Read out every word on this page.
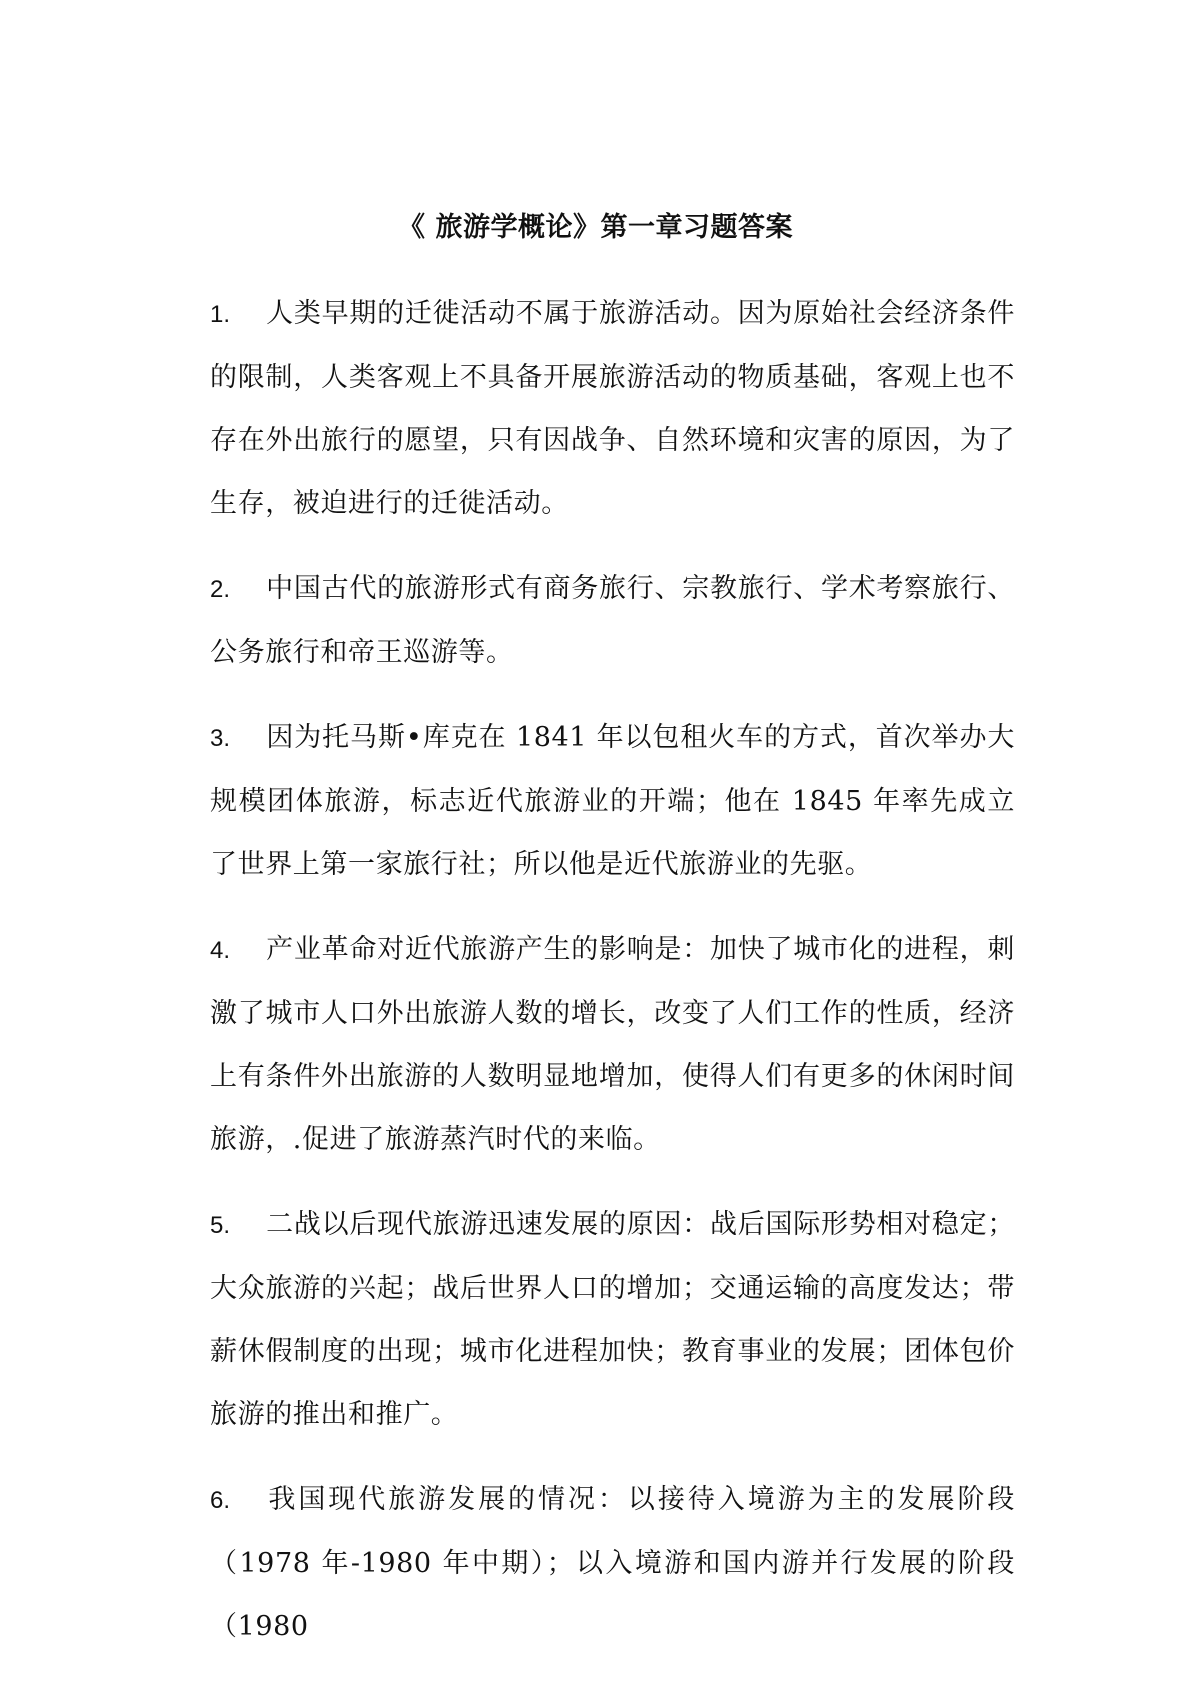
《 旅游学概论》第一章习题答案

1. 人类早期的迁徙活动不属于旅游活动。因为原始社会经济条件的限制，人类客观上不具备开展旅游活动的物质基础，客观上也不存在外出旅行的愿望，只有因战争、自然环境和灾害的原因，为了生存，被迫进行的迁徙活动。

2. 中国古代的旅游形式有商务旅行、宗教旅行、学术考察旅行、公务旅行和帝王巡游等。

3. 因为托马斯•库克在 1841 年以包租火车的方式，首次举办大规模团体旅游，标志近代旅游业的开端；他在 1845 年率先成立了世界上第一家旅行社；所以他是近代旅游业的先驱。

4. 产业革命对近代旅游产生的影响是：加快了城市化的进程，刺激了城市人口外出旅游人数的增长，改变了人们工作的性质，经济上有条件外出旅游的人数明显地增加，使得人们有更多的休闲时间旅游，.促进了旅游蒸汽时代的来临。

5. 二战以后现代旅游迅速发展的原因：战后国际形势相对稳定；大众旅游的兴起；战后世界人口的增加；交通运输的高度发达；带薪休假制度的出现；城市化进程加快；教育事业的发展；团体包价旅游的推出和推广。

6. 我国现代旅游发展的情况：以接待入境游为主的发展阶段（1978 年-1980 年中期）；以入境游和国内游并行发展的阶段（1980
